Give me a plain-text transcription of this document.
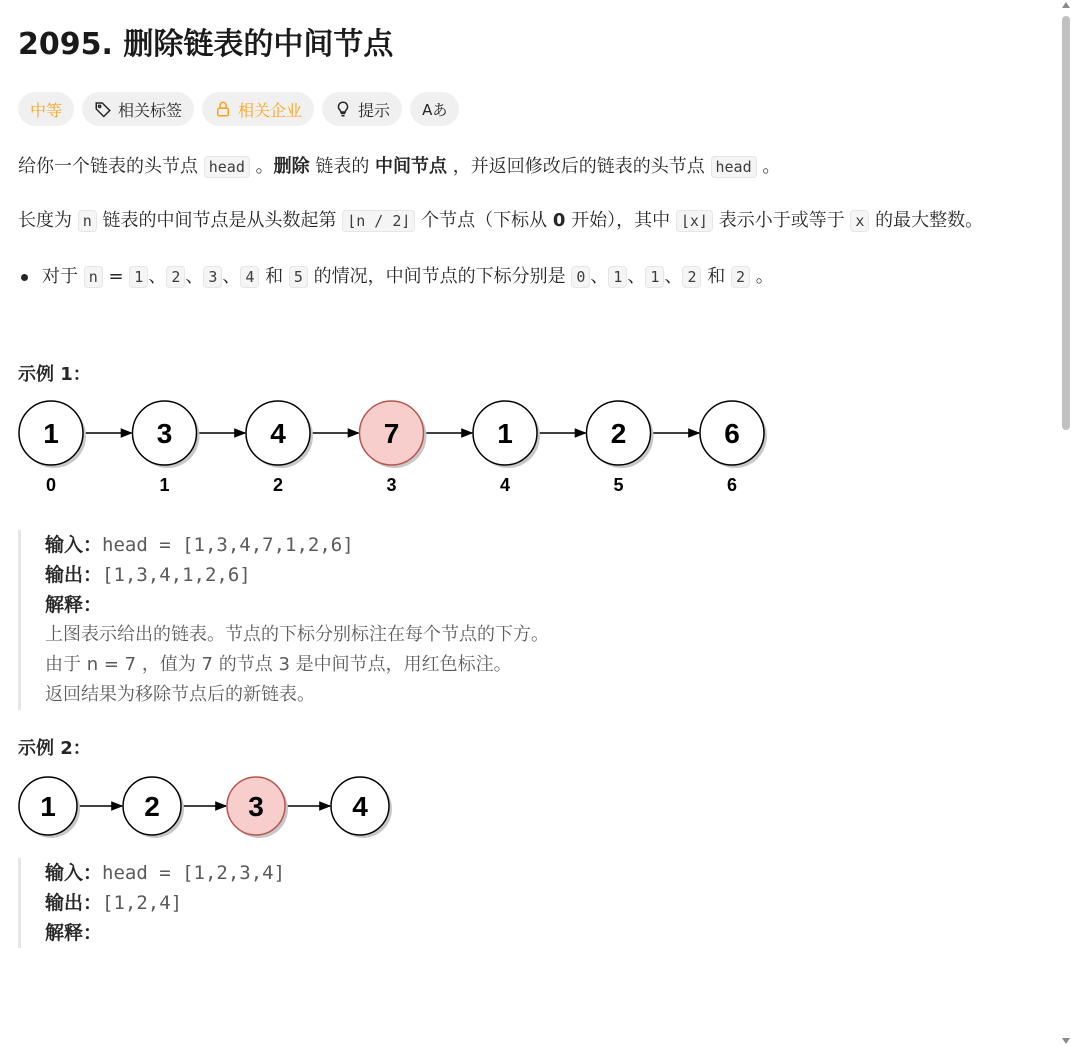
2095. 删除链表的中间节点
中等	相关标签	相关企业	提示 Aあ

给你一个链表的头节点 head 。删除 链表的 中间节点 ，并返回修改后的链表的头节点 head 。

长度为 n 链表的中间节点是从头数起第 ⌊n / 2⌋ 个节点（下标从 0 开始），其中 ⌊x⌋ 表示小于或等于 x 的最大整数。

对于 n = 1 、 2 、 3 、 4 和 5 的情况，中间节点的下标分别是 0 、 1 、 1 、 2 和 2 。
示例 1：
1
0
3
1
4
2
7
3
1
4
2
5
6
6
输入：head = [1,3,4,7,1,2,6]
输出：[1,3,4,1,2,6]
解释：
上图表示给出的链表。节点的下标分别标注在每个节点的下方。
由于 n = 7 ，值为 7 的节点 3 是中间节点，用红色标注。
返回结果为移除节点后的新链表。
示例 2：
1	2	3	4
输入：head = [1,2,3,4]
输出：[1,2,4]
解释：
